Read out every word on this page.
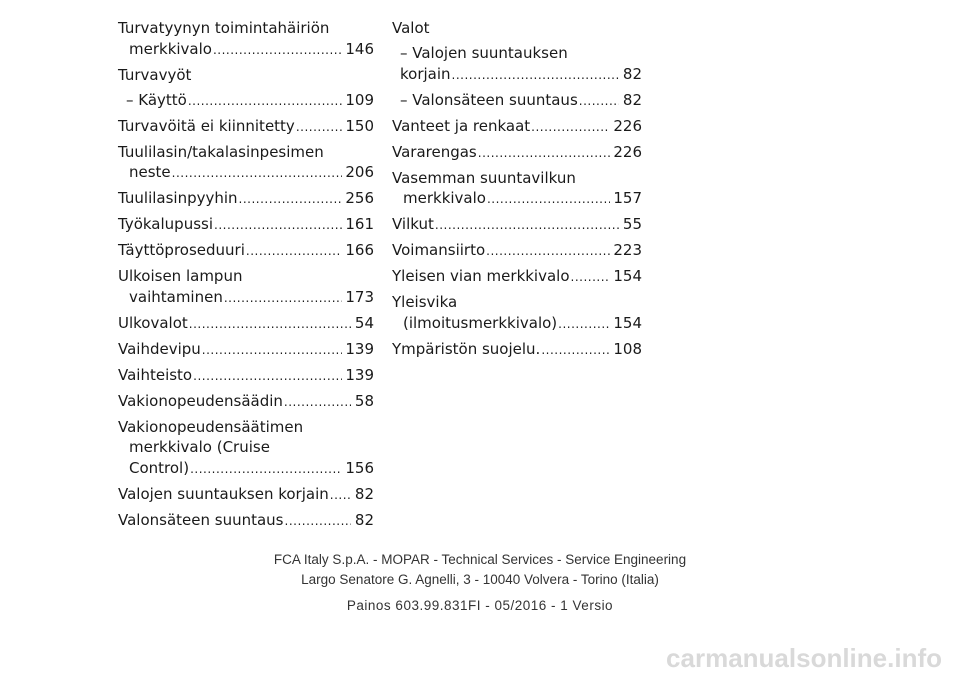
Turvatyynyn toimintahäiriön
merkkivalo .....	146
Turvavyöt
– Käyttö .....	109
Turvavöitä ei kiinnitetty .....	150
Tuulilasin/takalasinpesimen
neste .....	206
Tuulilasinpyyhin .....	256
Työkalupussi .....	161
Täyttöproseduuri .....	166
Ulkoisen lampun
vaihtaminen .....	173
Ulkovalot .....	54
Vaihdevipu .....	139
Vaihteisto .....	139
Vakionopeudensäädin .....	58
Vakionopeudensäätimen
merkkivalo (Cruise
Control) .....	156
Valojen suuntauksen korjain ..... 82
Valonsäteen suuntaus .....	82
Valot
– Valojen suuntauksen
korjain .....	82
– Valonsäteen suuntaus .....	82
Vanteet ja renkaat .....	226
Vararengas .....	226
Vasemman suuntavilkun
merkkivalo .....	157
Vilkut .....	55
Voimansiirto .....	223
Yleisen vian merkkivalo .....	154
Yleisvika
(ilmoitusmerkkivalo) .....	154
Ympäristön suojelu. .....	108
FCA Italy S.p.A. - MOPAR - Technical Services - Service Engineering
Largo Senatore G. Agnelli, 3 - 10040 Volvera - Torino (Italia)
Painos 603.99.831FI - 05/2016 - 1 Versio
carmanualsonline.info
